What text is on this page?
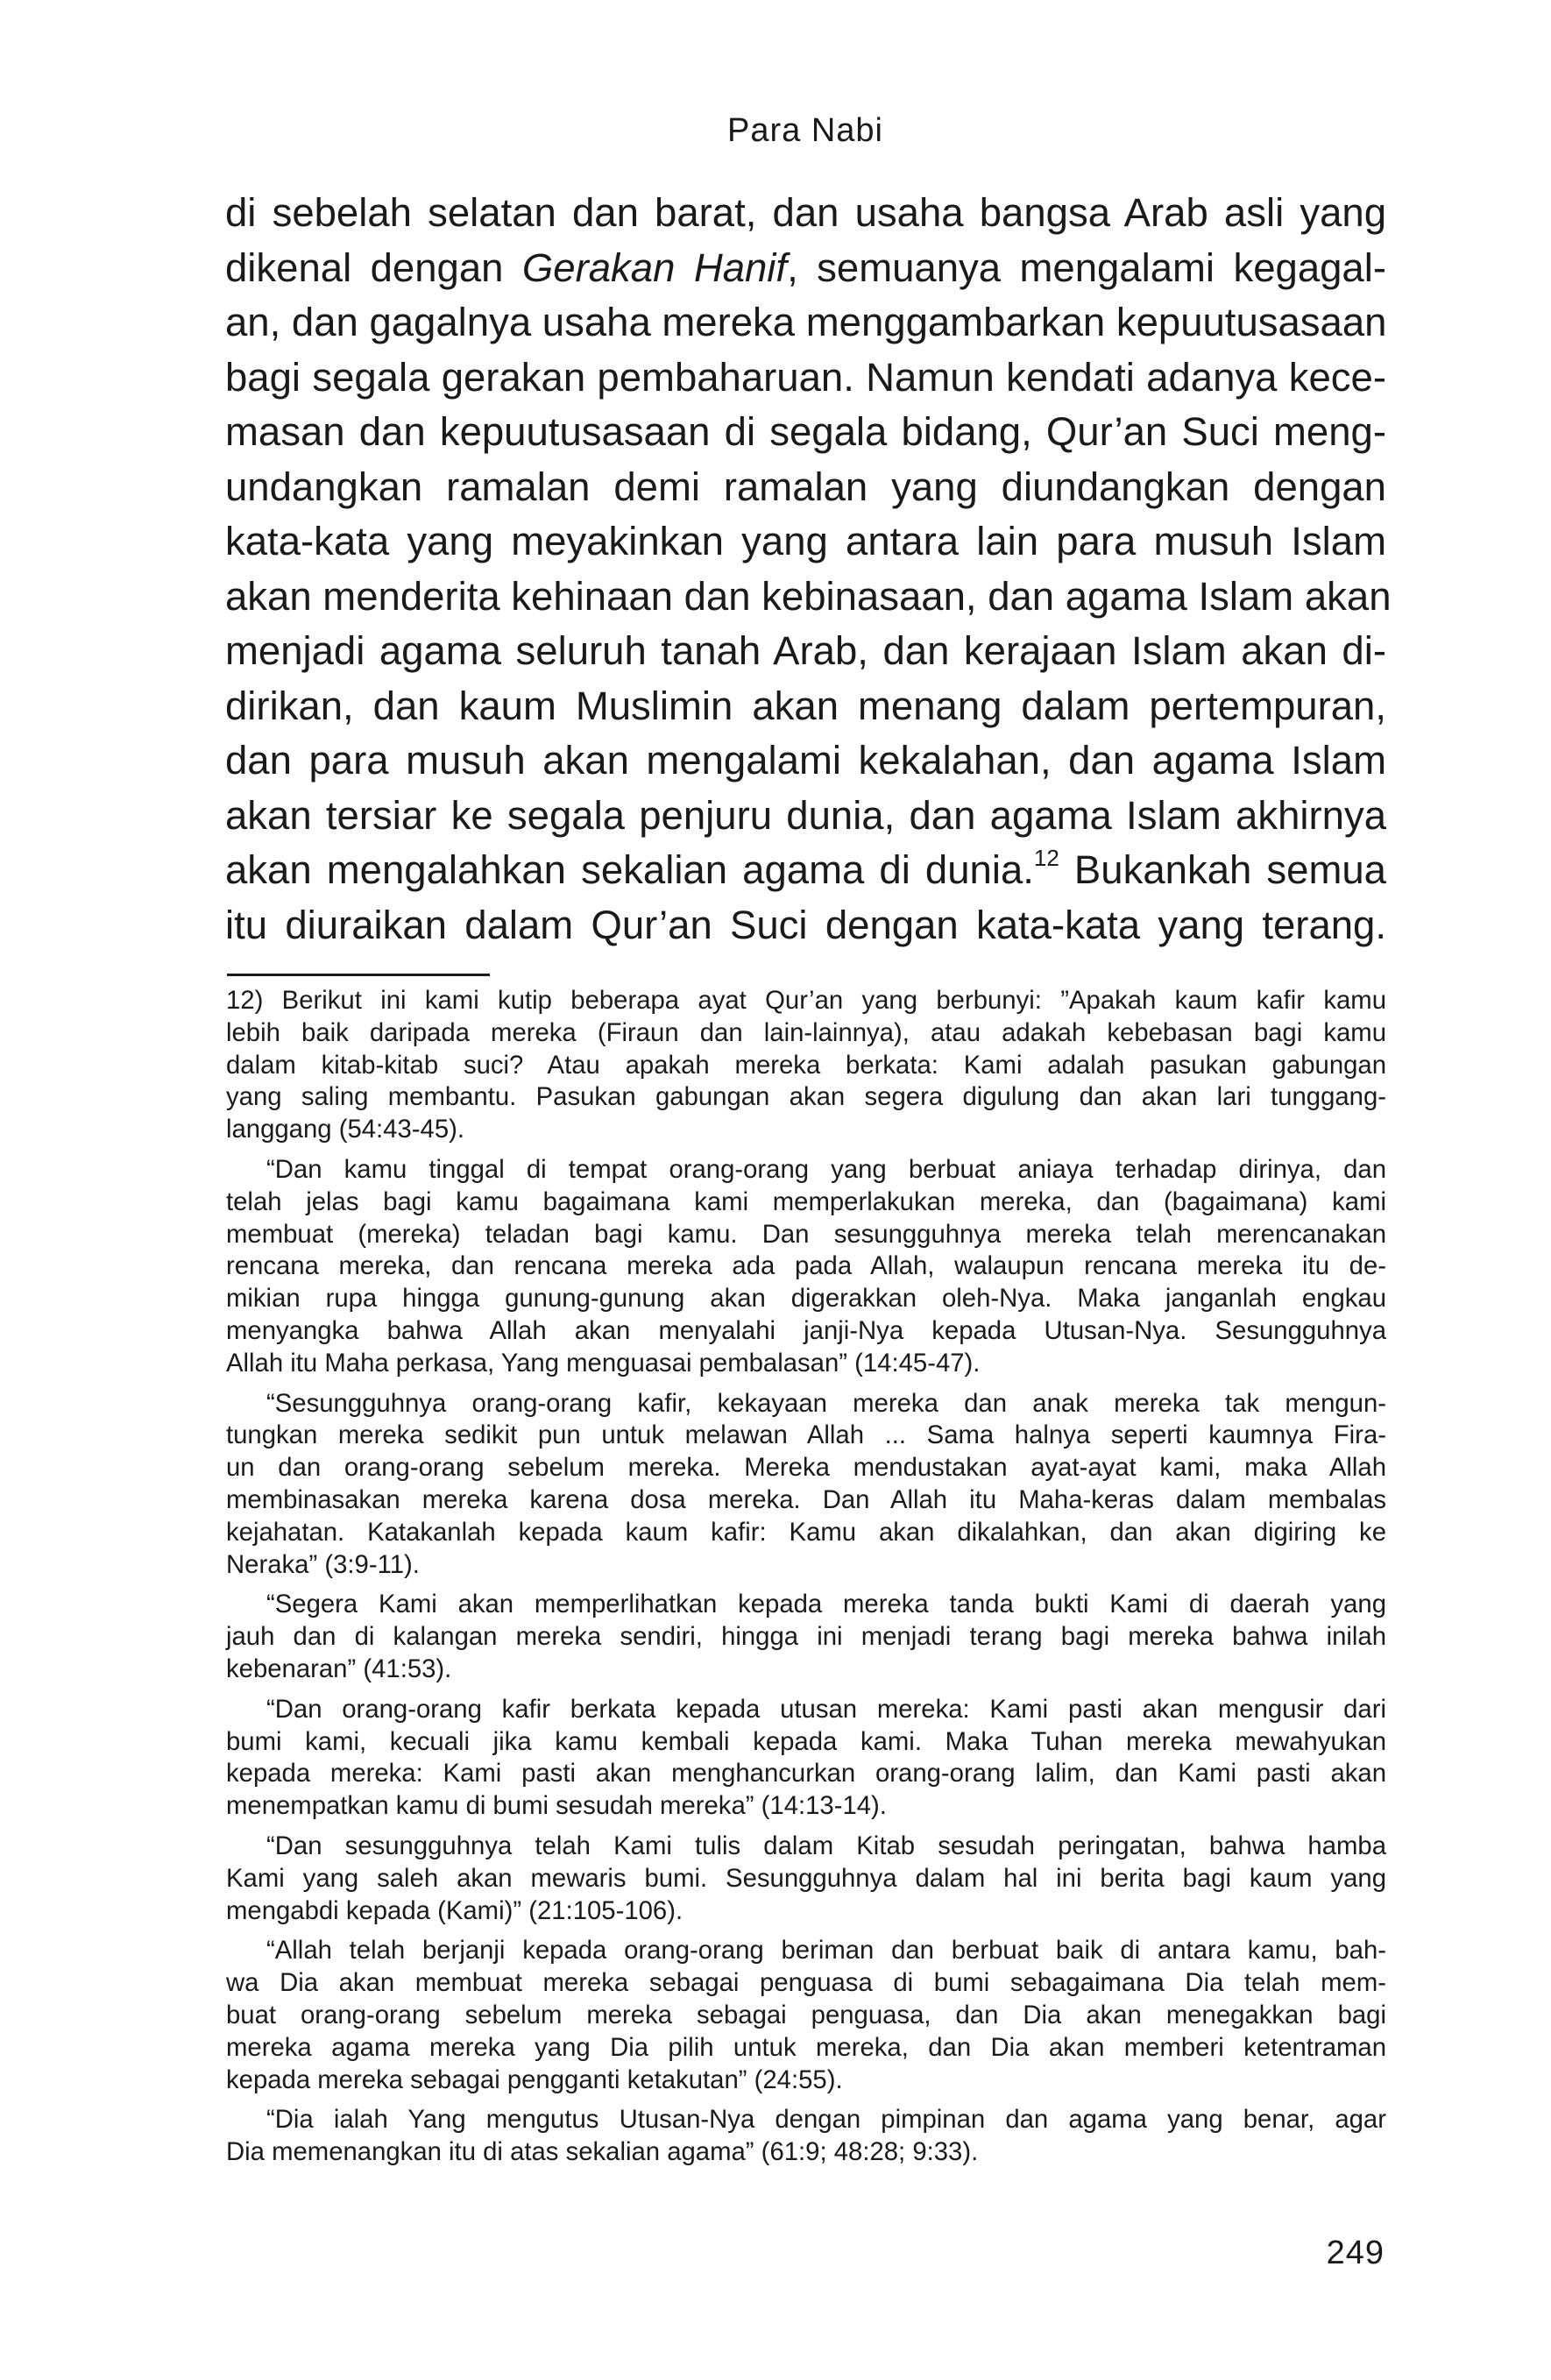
Para Nabi
di sebelah selatan dan barat, dan usaha bangsa Arab asli yang
dikenal dengan Gerakan Hanif, semuanya mengalami kegagal-
an, dan gagalnya usaha mereka menggambarkan kepuutusasaan
bagi segala gerakan pembaharuan. Namun kendati adanya kece-
masan dan kepuutusasaan di segala bidang, Qur’an Suci meng-
undangkan ramalan demi ramalan yang diundangkan dengan
kata-kata yang meyakinkan yang antara lain para musuh Islam
akan menderita kehinaan dan kebinasaan, dan agama Islam akan
menjadi agama seluruh tanah Arab, dan kerajaan Islam akan di-
dirikan, dan kaum Muslimin akan menang dalam pertempuran,
dan para musuh akan mengalami kekalahan, dan agama Islam
akan tersiar ke segala penjuru dunia, dan agama Islam akhirnya
akan mengalahkan sekalian agama di dunia.$^{12}$ Bukankah semua
itu diuraikan dalam Qur’an Suci dengan kata-kata yang terang.
12) Berikut ini kami kutip beberapa ayat Qur’an yang berbunyi: ”Apakah kaum kafir kamu
lebih baik daripada mereka (Firaun dan lain-lainnya), atau adakah kebebasan bagi kamu
dalam kitab-kitab suci? Atau apakah mereka berkata: Kami adalah pasukan gabungan
yang saling membantu. Pasukan gabungan akan segera digulung dan akan lari tunggang-
langgang (54:43-45).
“Dan kamu tinggal di tempat orang-orang yang berbuat aniaya terhadap dirinya, dan
telah jelas bagi kamu bagaimana kami memperlakukan mereka, dan (bagaimana) kami
membuat (mereka) teladan bagi kamu. Dan sesungguhnya mereka telah merencanakan
rencana mereka, dan rencana mereka ada pada Allah, walaupun rencana mereka itu de-
mikian rupa hingga gunung-gunung akan digerakkan oleh-Nya. Maka janganlah engkau
menyangka bahwa Allah akan menyalahi janji-Nya kepada Utusan-Nya. Sesungguhnya
Allah itu Maha perkasa, Yang menguasai pembalasan” (14:45-47).
“Sesungguhnya orang-orang kafir, kekayaan mereka dan anak mereka tak mengun-
tungkan mereka sedikit pun untuk melawan Allah ... Sama halnya seperti kaumnya Fira-
un dan orang-orang sebelum mereka. Mereka mendustakan ayat-ayat kami, maka Allah
membinasakan mereka karena dosa mereka. Dan Allah itu Maha-keras dalam membalas
kejahatan. Katakanlah kepada kaum kafir: Kamu akan dikalahkan, dan akan digiring ke
Neraka” (3:9-11).
“Segera Kami akan memperlihatkan kepada mereka tanda bukti Kami di daerah yang
jauh dan di kalangan mereka sendiri, hingga ini menjadi terang bagi mereka bahwa inilah
kebenaran” (41:53).
“Dan orang-orang kafir berkata kepada utusan mereka: Kami pasti akan mengusir dari
bumi kami, kecuali jika kamu kembali kepada kami. Maka Tuhan mereka mewahyukan
kepada mereka: Kami pasti akan menghancurkan orang-orang lalim, dan Kami pasti akan
menempatkan kamu di bumi sesudah mereka” (14:13-14).
“Dan sesungguhnya telah Kami tulis dalam Kitab sesudah peringatan, bahwa hamba
Kami yang saleh akan mewaris bumi. Sesungguhnya dalam hal ini berita bagi kaum yang
mengabdi kepada (Kami)” (21:105-106).
“Allah telah berjanji kepada orang-orang beriman dan berbuat baik di antara kamu, bah-
wa Dia akan membuat mereka sebagai penguasa di bumi sebagaimana Dia telah mem-
buat orang-orang sebelum mereka sebagai penguasa, dan Dia akan menegakkan bagi
mereka agama mereka yang Dia pilih untuk mereka, dan Dia akan memberi ketentraman
kepada mereka sebagai pengganti ketakutan” (24:55).
“Dia ialah Yang mengutus Utusan-Nya dengan pimpinan dan agama yang benar, agar
Dia memenangkan itu di atas sekalian agama” (61:9; 48:28; 9:33).
249
